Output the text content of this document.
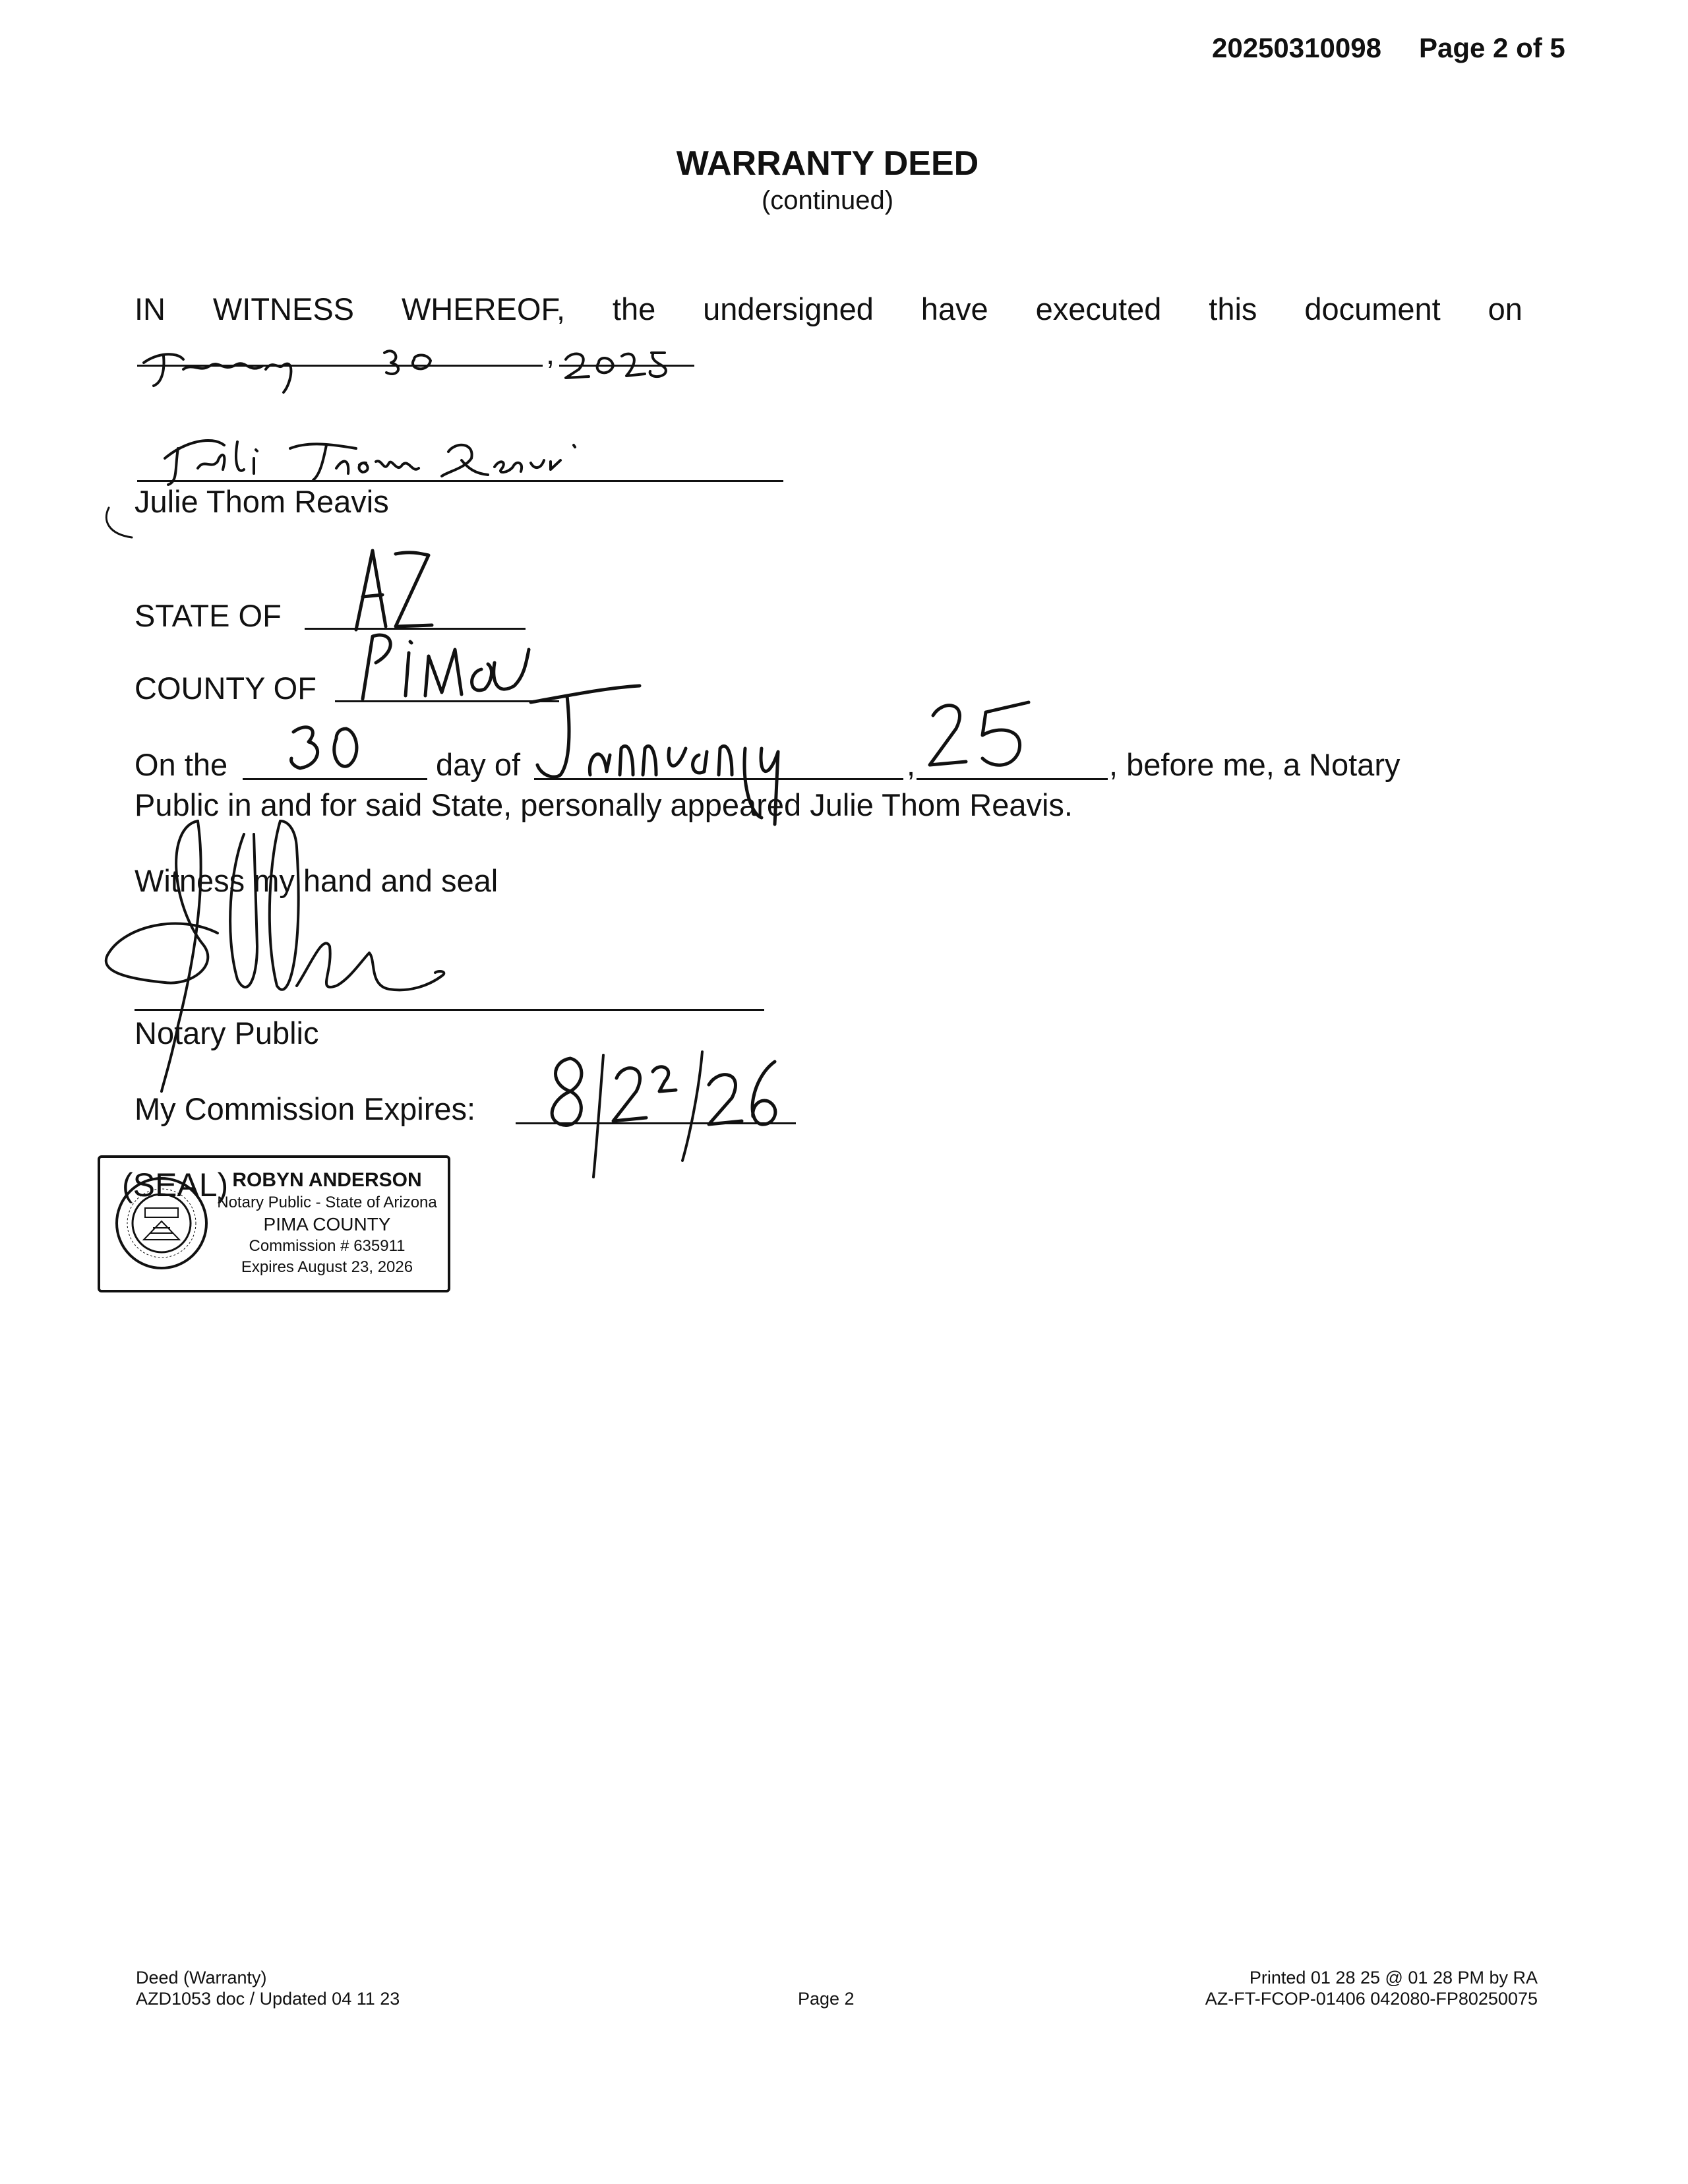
20250310098 Page 2 of 5
WARRANTY DEED
(continued)
IN WITNESS WHEREOF, the undersigned have executed this document on
,
Julie Thom Reavis
STATE OF
COUNTY OF
On the	day of	,	, before me, a Notary
Public in and for said State, personally appeared Julie Thom Reavis.
Witness my hand and seal
Notary Public
My Commission Expires:
ROBYN ANDERSON
Notary Public - State of Arizona
PIMA COUNTY
Commission # 635911
Expires August 23, 2026
(SEAL)
Deed (Warranty)
AZD1053 doc / Updated 04 11 23	Page 2
Printed 01 28 25 @ 01 28 PM by RA
AZ-FT-FCOP-01406 042080-FP80250075
